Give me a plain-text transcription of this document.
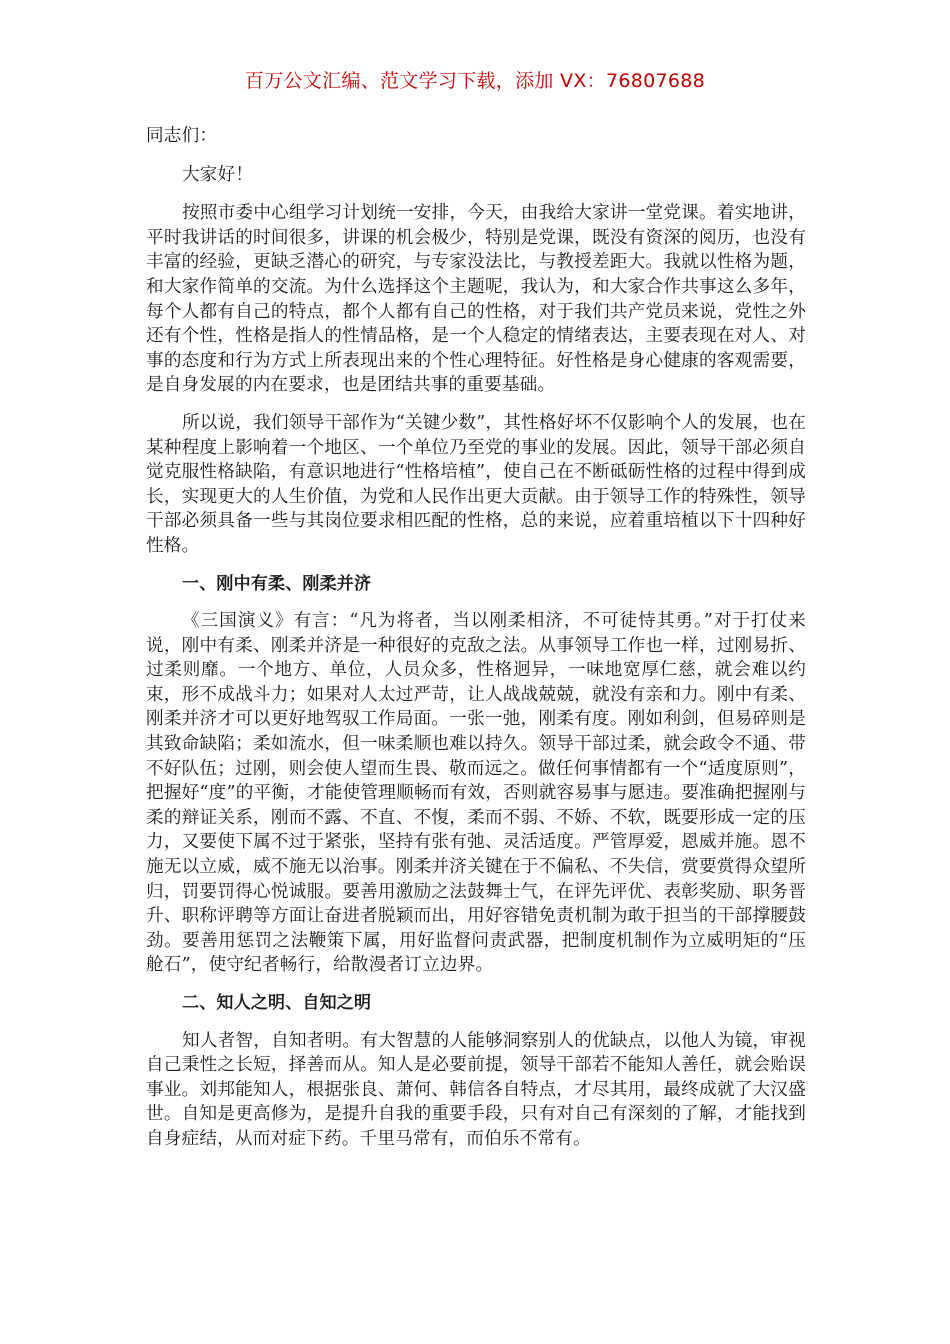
百万公文汇编、范文学习下载，添加 VX：76807688

同志们：

大家好！

按照市委中心组学习计划统一安排，今天，由我给大家讲一堂党课。着实地讲，平时我讲话的时间很多，讲课的机会极少，特别是党课，既没有资深的阅历，也没有丰富的经验，更缺乏潜心的研究，与专家没法比，与教授差距大。我就以性格为题，和大家作简单的交流。为什么选择这个主题呢，我认为，和大家合作共事这么多年，每个人都有自己的特点，都个人都有自己的性格，对于我们共产党员来说，党性之外还有个性，性格是指人的性情品格，是一个人稳定的情绪表达，主要表现在对人、对事的态度和行为方式上所表现出来的个性心理特征。好性格是身心健康的客观需要，是自身发展的内在要求，也是团结共事的重要基础。

所以说，我们领导干部作为“关键少数”，其性格好坏不仅影响个人的发展，也在某种程度上影响着一个地区、一个单位乃至党的事业的发展。因此，领导干部必须自觉克服性格缺陷，有意识地进行“性格培植”，使自己在不断砥砺性格的过程中得到成长，实现更大的人生价值，为党和人民作出更大贡献。由于领导工作的特殊性，领导干部必须具备一些与其岗位要求相匹配的性格，总的来说，应着重培植以下十四种好性格。

一、刚中有柔、刚柔并济

《三国演义》有言：“凡为将者，当以刚柔相济，不可徒恃其勇。”对于打仗来说，刚中有柔、刚柔并济是一种很好的克敌之法。从事领导工作也一样，过刚易折、过柔则靡。一个地方、单位，人员众多，性格迥异，一味地宽厚仁慈，就会难以约束，形不成战斗力；如果对人太过严苛，让人战战兢兢，就没有亲和力。刚中有柔、刚柔并济才可以更好地驾驭工作局面。一张一弛，刚柔有度。刚如利剑，但易碎则是其致命缺陷；柔如流水，但一味柔顺也难以持久。领导干部过柔，就会政令不通、带不好队伍；过刚，则会使人望而生畏、敬而远之。做任何事情都有一个“适度原则”，把握好“度”的平衡，才能使管理顺畅而有效，否则就容易事与愿违。要准确把握刚与柔的辩证关系，刚而不露、不直、不愎，柔而不弱、不娇、不软，既要形成一定的压力，又要使下属不过于紧张，坚持有张有弛、灵活适度。严管厚爱，恩威并施。恩不施无以立威，威不施无以治事。刚柔并济关键在于不偏私、不失信，赏要赏得众望所归，罚要罚得心悦诚服。要善用激励之法鼓舞士气，在评先评优、表彰奖励、职务晋升、职称评聘等方面让奋进者脱颖而出，用好容错免责机制为敢于担当的干部撑腰鼓劲。要善用惩罚之法鞭策下属，用好监督问责武器，把制度机制作为立威明矩的“压舱石”，使守纪者畅行，给散漫者订立边界。

二、知人之明、自知之明

知人者智，自知者明。有大智慧的人能够洞察别人的优缺点，以他人为镜，审视自己秉性之长短，择善而从。知人是必要前提，领导干部若不能知人善任，就会贻误事业。刘邦能知人，根据张良、萧何、韩信各自特点，才尽其用，最终成就了大汉盛世。自知是更高修为，是提升自我的重要手段，只有对自己有深刻的了解，才能找到自身症结，从而对症下药。千里马常有，而伯乐不常有。
